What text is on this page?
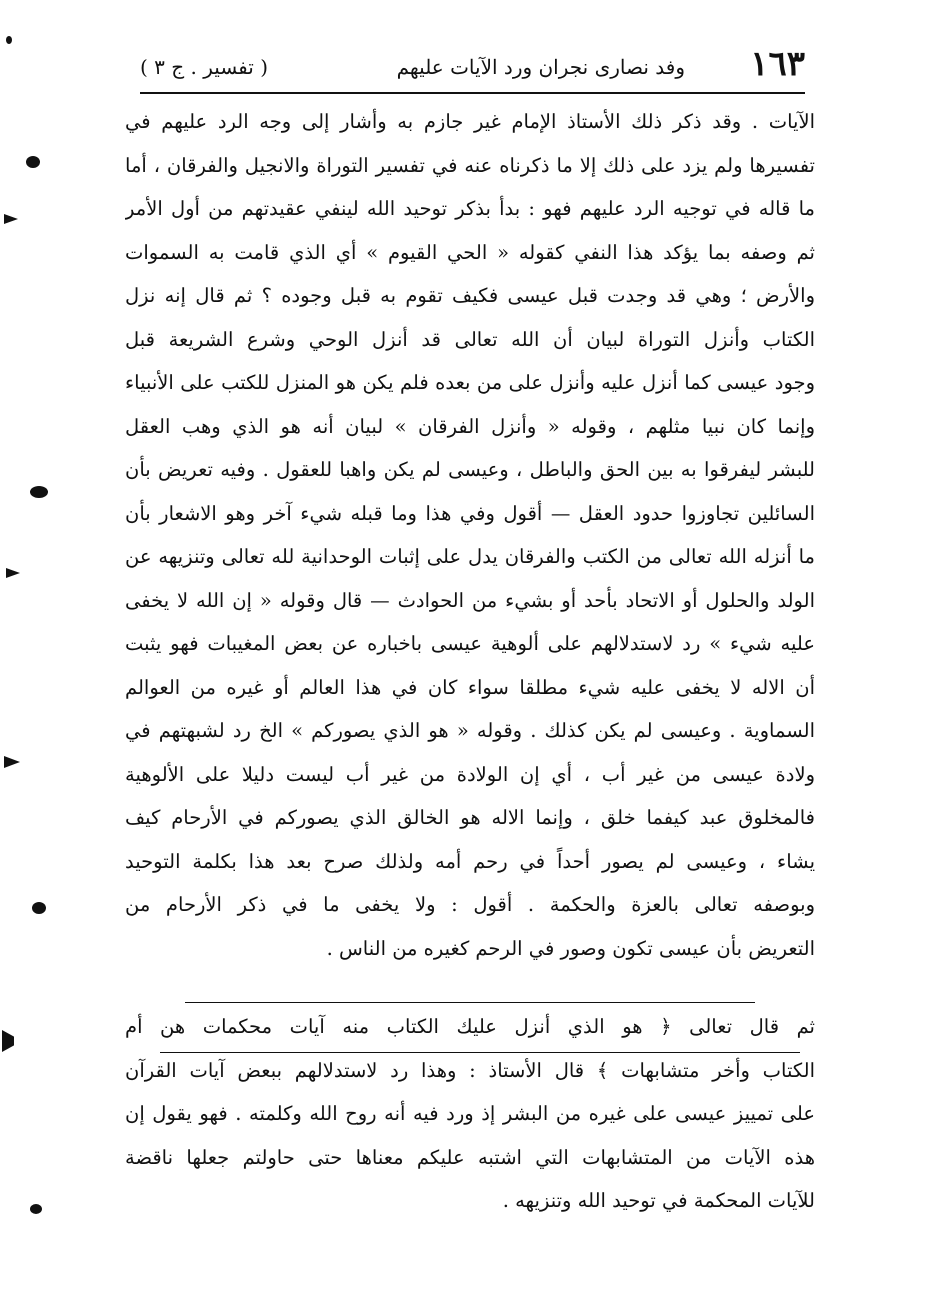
١٦٣
وفد نصارى نجران ورد الآيات عليهم
( تفسير . ج ٣ )
الآيات . وقد ذكر ذلك الأستاذ الإمام غير جازم به وأشار إلى وجه الرد عليهم في
تفسيرها ولم يزد على ذلك إلا ما ذكرناه عنه في تفسير التوراة والانجيل والفرقان ، أما
ما قاله في توجيه الرد عليهم فهو : بدأ بذكر توحيد الله لينفي عقيدتهم من أول الأمر
ثم وصفه بما يؤكد هذا النفي كقوله « الحي القيوم » أي الذي قامت به السموات
والأرض ؛ وهي قد وجدت قبل عيسى فكيف تقوم به قبل وجوده ؟ ثم قال إنه نزل
الكتاب وأنزل التوراة لبيان أن الله تعالى قد أنزل الوحي وشرع الشريعة قبل
وجود عيسى كما أنزل عليه وأنزل على من بعده فلم يكن هو المنزل للكتب على الأنبياء
وإنما كان نبيا مثلهم ، وقوله « وأنزل الفرقان » لبيان أنه هو الذي وهب العقل
للبشر ليفرقوا به بين الحق والباطل ، وعيسى لم يكن واهبا للعقول . وفيه تعريض بأن
السائلين تجاوزوا حدود العقل — أقول وفي هذا وما قبله شيء آخر وهو الاشعار بأن
ما أنزله الله تعالى من الكتب والفرقان يدل على إثبات الوحدانية لله تعالى وتنزيهه عن
الولد والحلول أو الاتحاد بأحد أو بشيء من الحوادث — قال وقوله « إن الله لا يخفى
عليه شيء » رد لاستدلالهم على ألوهية عيسى باخباره عن بعض المغيبات فهو يثبت
أن الاله لا يخفى عليه شيء مطلقا سواء كان في هذا العالم أو غيره من العوالم
السماوية . وعيسى لم يكن كذلك . وقوله « هو الذي يصوركم » الخ رد لشبهتهم في
ولادة عيسى من غير أب ، أي إن الولادة من غير أب ليست دليلا على الألوهية
فالمخلوق عبد كيفما خلق ، وإنما الاله هو الخالق الذي يصوركم في الأرحام كيف
يشاء ، وعيسى لم يصور أحداً في رحم أمه ولذلك صرح بعد هذا بكلمة التوحيد
وبوصفه تعالى بالعزة والحكمة . أقول : ولا يخفى ما في ذكر الأرحام من
التعريض بأن عيسى تكون وصور في الرحم كغيره من الناس .
ثم قال تعالى ﴿ هو الذي أنزل عليك الكتاب منه آيات محكمات هن أم
الكتاب وأخر متشابهات ﴾ قال الأستاذ : وهذا رد لاستدلالهم ببعض آيات القرآن
على تمييز عيسى على غيره من البشر إذ ورد فيه أنه روح الله وكلمته . فهو يقول إن
هذه الآيات من المتشابهات التي اشتبه عليكم معناها حتى حاولتم جعلها ناقضة
للآيات المحكمة في توحيد الله وتنزيهه .
